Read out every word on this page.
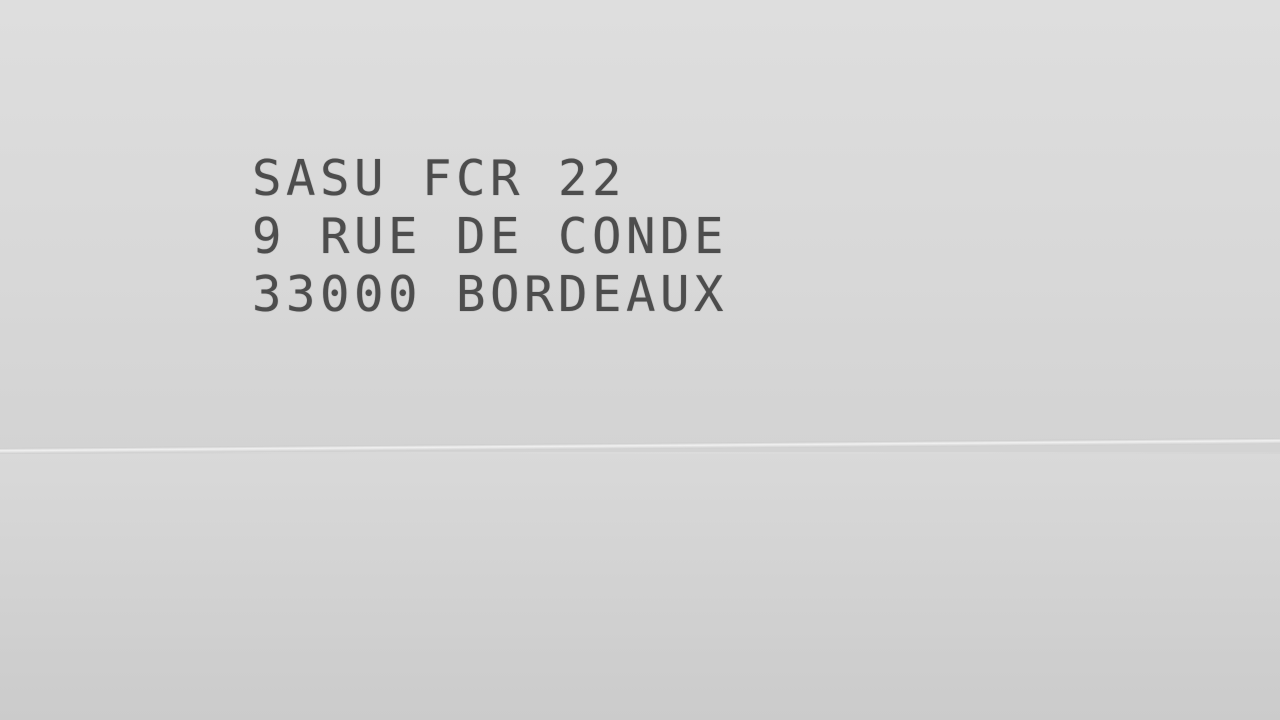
SASU FCR 22
9 RUE DE CONDE
33000 BORDEAUX
